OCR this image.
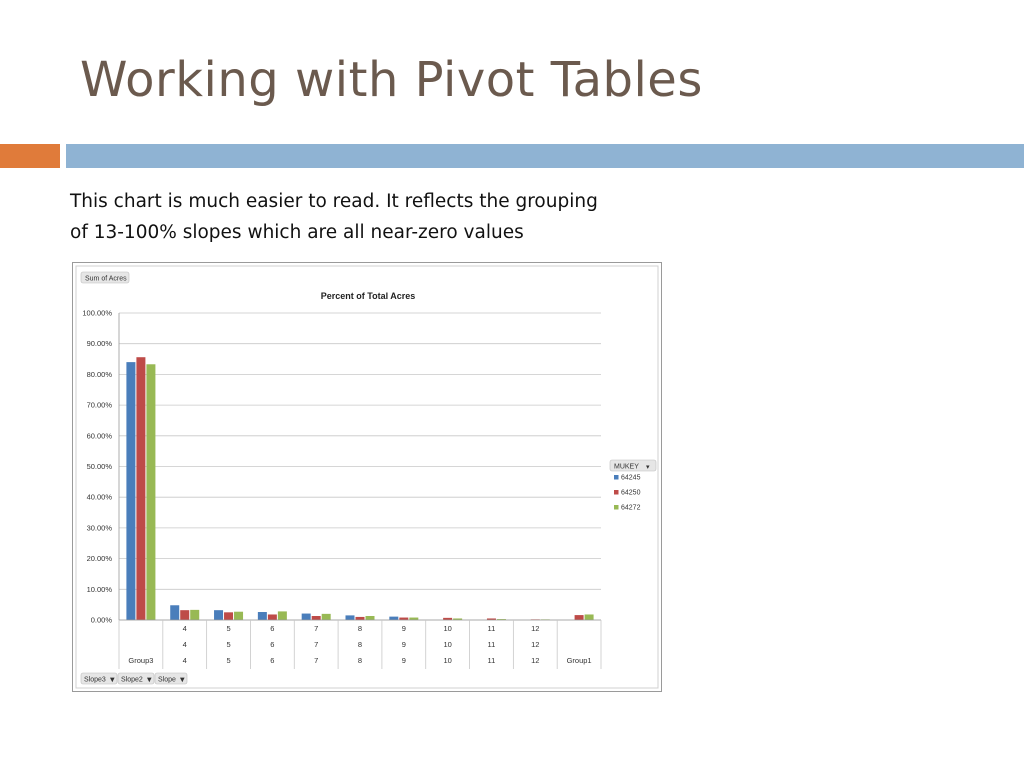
Working with Pivot Tables

This chart is much easier to read. It reflects the grouping
of 13-100% slopes which are all near-zero values

Sum of Acres
Percent of Total Acres
100.00%
90.00%
80.00%
70.00%
60.00%
50.00%
40.00%
30.00%
20.00%
10.00%
0.00%
Group3
4
4
4
5
5
5
6
6
6
7
7
7
8
8
8
9
9
9
10
10
10
11
11
11
12
12
12	Group1
MUKEY ▾
64245
64250
64272
Slope3 ▼ Slope2 ▼ Slope ▼
